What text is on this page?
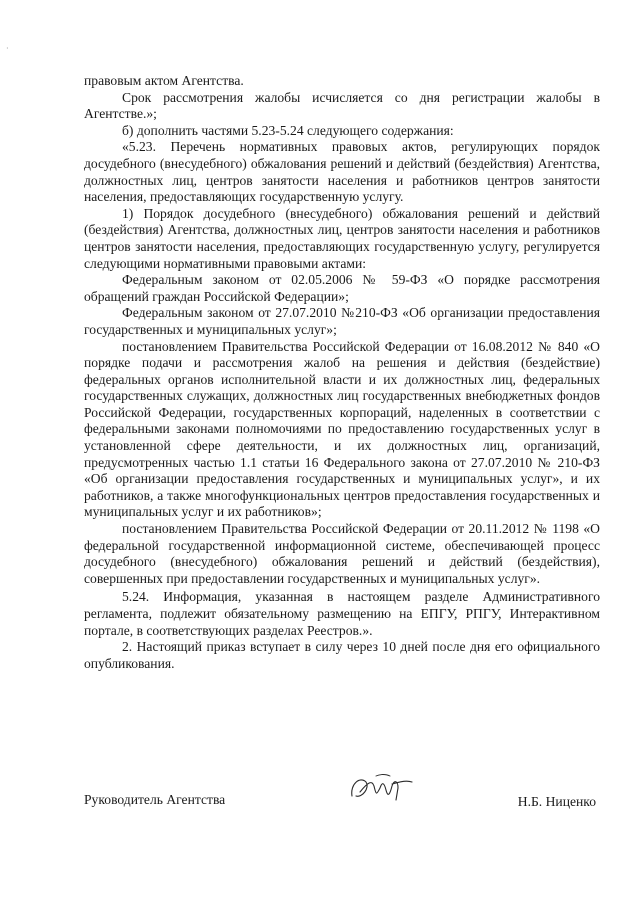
·

правовым актом Агентства.

Срок рассмотрения жалобы исчисляется со дня регистрации жалобы в Агентстве.»;

б) дополнить частями 5.23-5.24 следующего содержания:

«5.23. Перечень нормативных правовых актов, регулирующих порядок досудебного (внесудебного) обжалования решений и действий (бездействия) Агентства, должностных лиц, центров занятости населения и работников центров занятости населения, предоставляющих государственную услугу.

1) Порядок досудебного (внесудебного) обжалования решений и действий (бездействия) Агентства, должностных лиц, центров занятости населения и работников центров занятости населения, предоставляющих государственную услугу, регулируется следующими нормативными правовыми актами:

Федеральным законом от 02.05.2006 № 59-ФЗ «О порядке рассмотрения обращений граждан Российской Федерации»;

Федеральным законом от 27.07.2010 №210-ФЗ «Об организации предоставления государственных и муниципальных услуг»;

постановлением Правительства Российской Федерации от 16.08.2012 № 840 «О порядке подачи и рассмотрения жалоб на решения и действия (бездействие) федеральных органов исполнительной власти и их должностных лиц, федеральных государственных служащих, должностных лиц государственных внебюджетных фондов Российской Федерации, государственных корпораций, наделенных в соответствии с федеральными законами полномочиями по предоставлению государственных услуг в установленной сфере деятельности, и их должностных лиц, организаций, предусмотренных частью 1.1 статьи 16 Федерального закона от 27.07.2010 № 210-ФЗ «Об организации предоставления государственных и муниципальных услуг», и их работников, а также многофункциональных центров предоставления государственных и муниципальных услуг и их работников»;

постановлением Правительства Российской Федерации от 20.11.2012 № 1198 «О федеральной государственной информационной системе, обеспечивающей процесс досудебного (внесудебного) обжалования решений и действий (бездействия), совершенных при предоставлении государственных и муниципальных услуг».

5.24. Информация, указанная в настоящем разделе Административного регламента, подлежит обязательному размещению на ЕПГУ, РПГУ, Интерактивном портале, в соответствующих разделах Реестров.».

2. Настоящий приказ вступает в силу через 10 дней после дня его официального опубликования.

Руководитель Агентства	Н.Б. Ниценко
